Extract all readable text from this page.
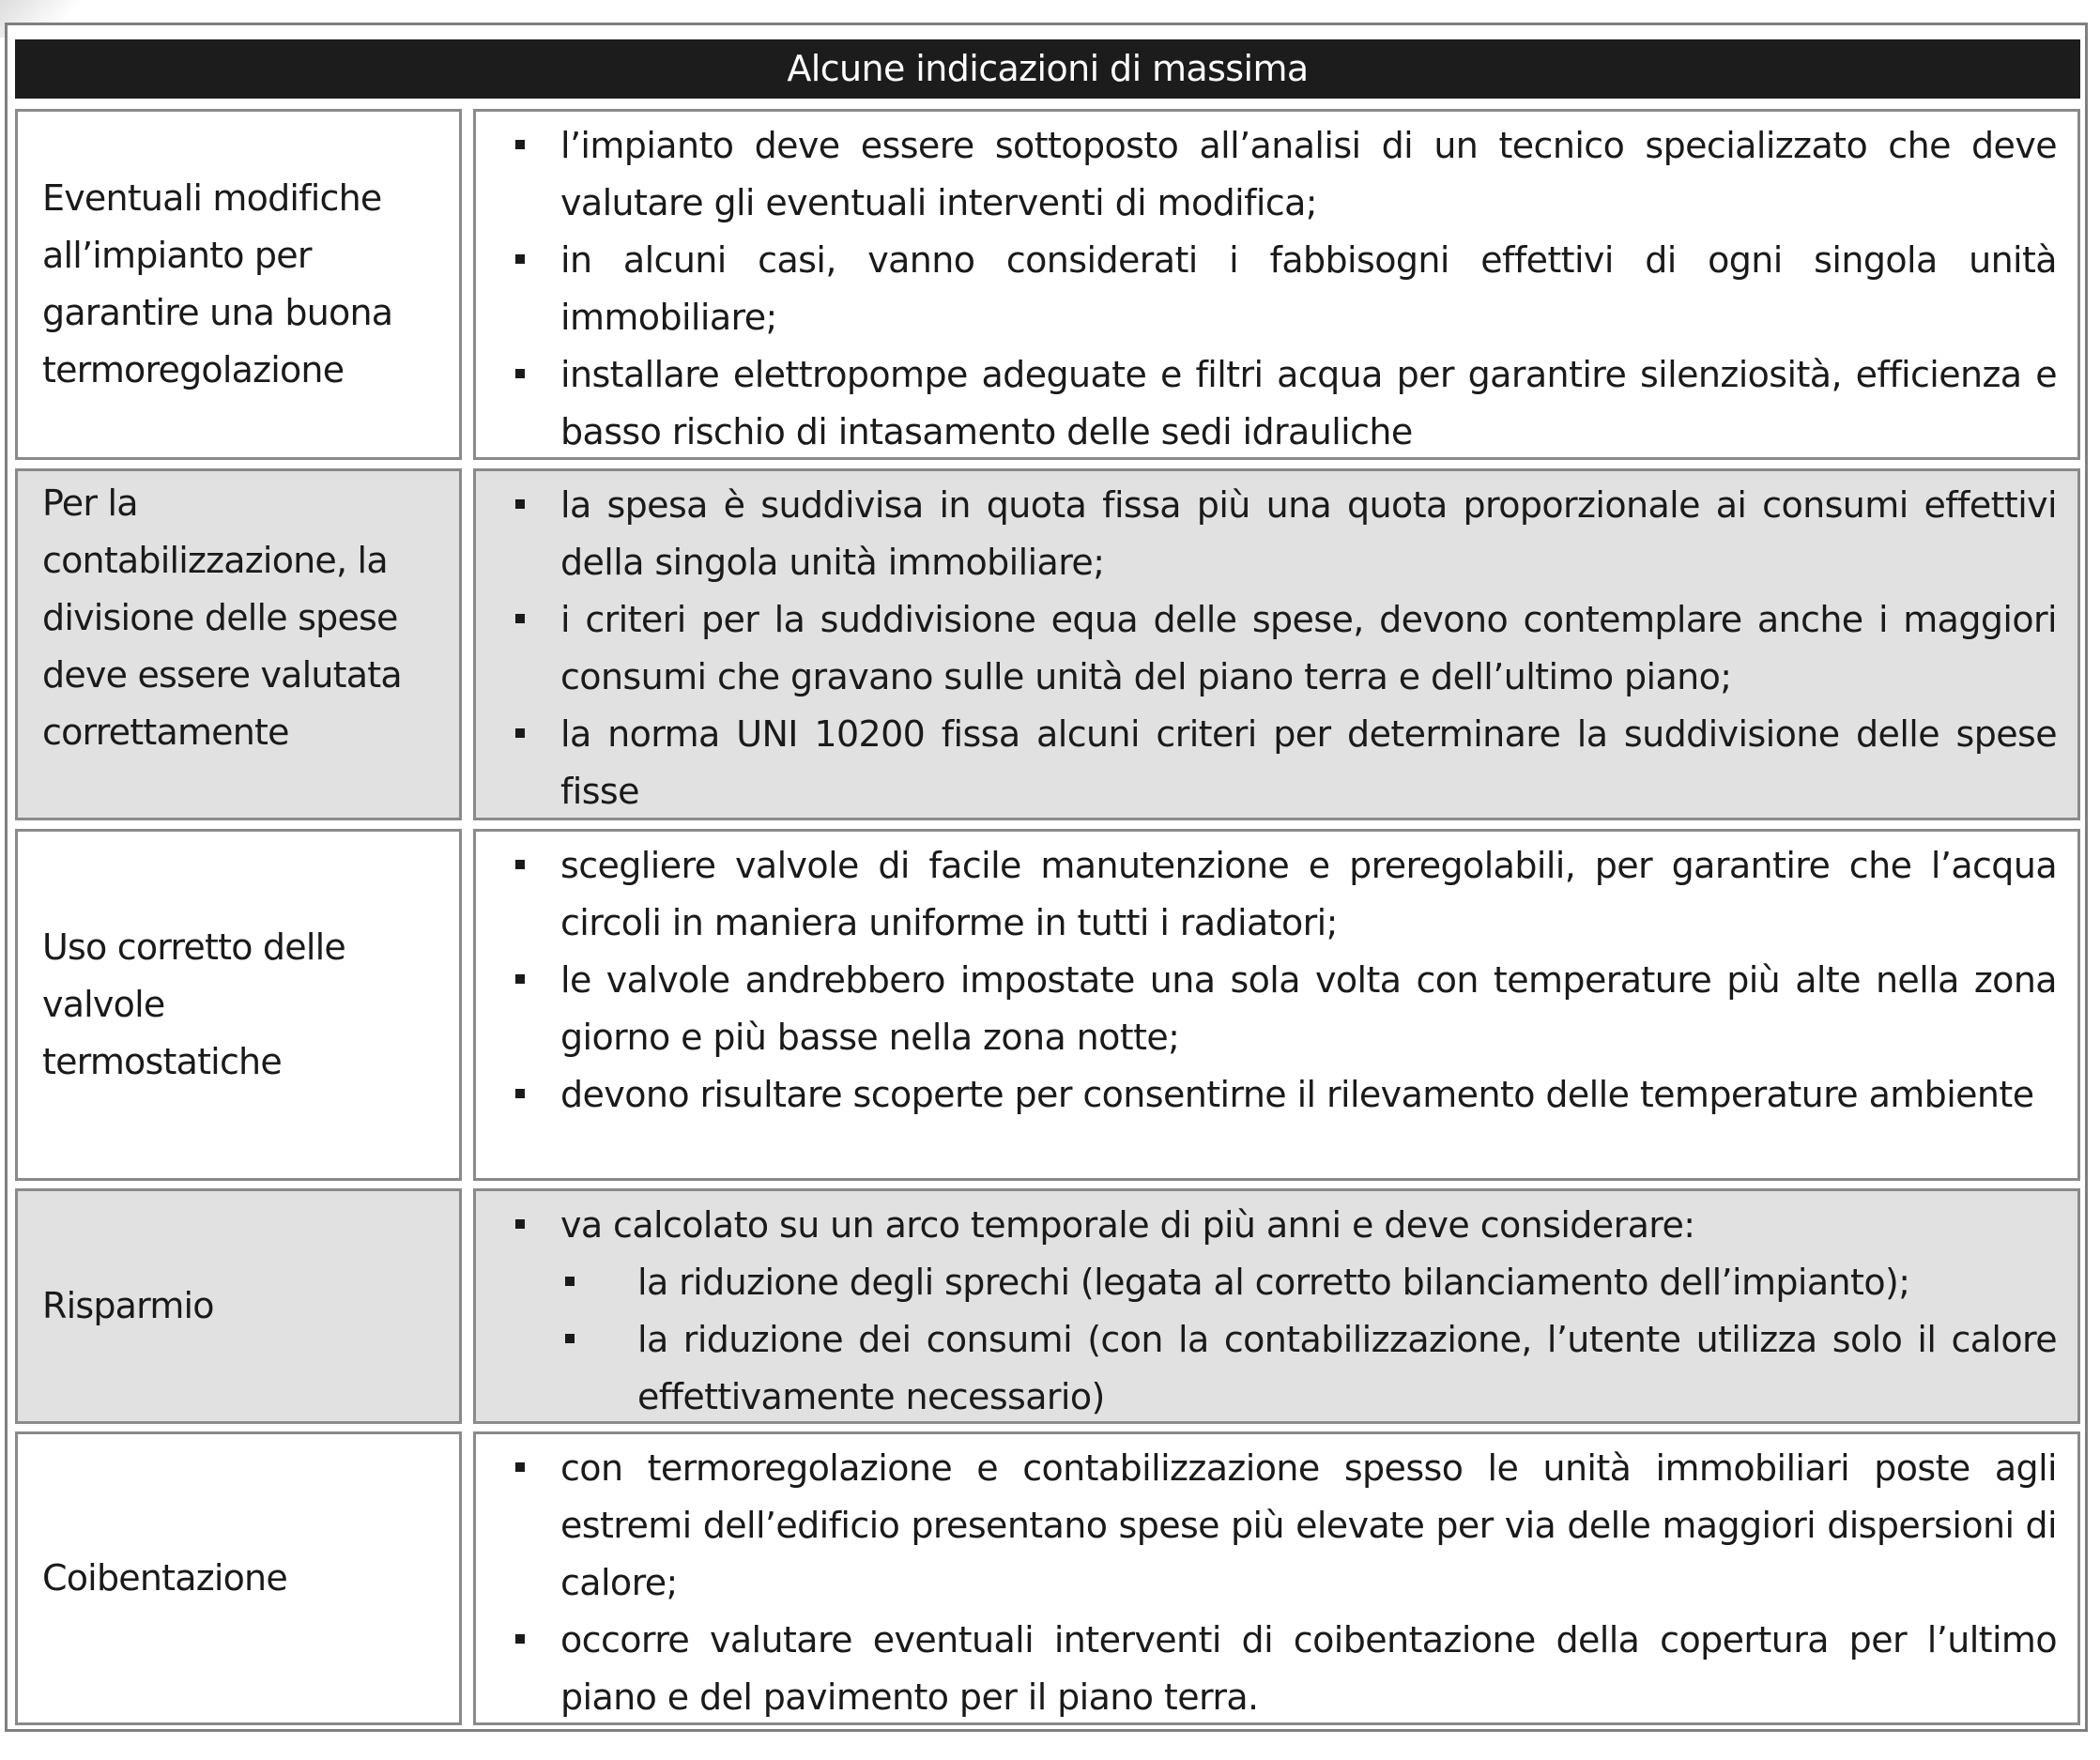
Alcune indicazioni di massima
Eventuali modifiche all’impianto per garantire una buona termoregolazione
l’impianto deve essere sottoposto all’analisi di un tecnico specializzato che deve valutare gli eventuali interventi di modifica;
in alcuni casi, vanno considerati i fabbisogni effettivi di ogni singola unità immobiliare;
installare elettropompe adeguate e filtri acqua per garantire silenziosità, efficienza e basso rischio di intasamento delle sedi idrauliche
Per la contabilizzazione, la divisione delle spese deve essere valutata correttamente
la spesa è suddivisa in quota fissa più una quota proporzionale ai consumi effettivi della singola unità immobiliare;
i criteri per la suddivisione equa delle spese, devono contemplare anche i maggiori consumi che gravano sulle unità del piano terra e dell’ultimo piano;
la norma UNI 10200 fissa alcuni criteri per determinare la suddivisione delle spese fisse
Uso corretto delle valvole termostatiche
scegliere valvole di facile manutenzione e preregolabili, per garantire che l’acqua circoli in maniera uniforme in tutti i radiatori;
le valvole andrebbero impostate una sola volta con temperature più alte nella zona giorno e più basse nella zona notte;
devono risultare scoperte per consentirne il rilevamento delle temperature ambiente
Risparmio
va calcolato su un arco temporale di più anni e deve considerare:
la riduzione degli sprechi (legata al corretto bilanciamento dell’impianto);
la riduzione dei consumi (con la contabilizzazione, l’utente utilizza solo il calore effettivamente necessario)
Coibentazione
con termoregolazione e contabilizzazione spesso le unità immobiliari poste agli estremi dell’edificio presentano spese più elevate per via delle maggiori dispersioni di calore;
occorre valutare eventuali interventi di coibentazione della copertura per l’ultimo piano e del pavimento per il piano terra.
